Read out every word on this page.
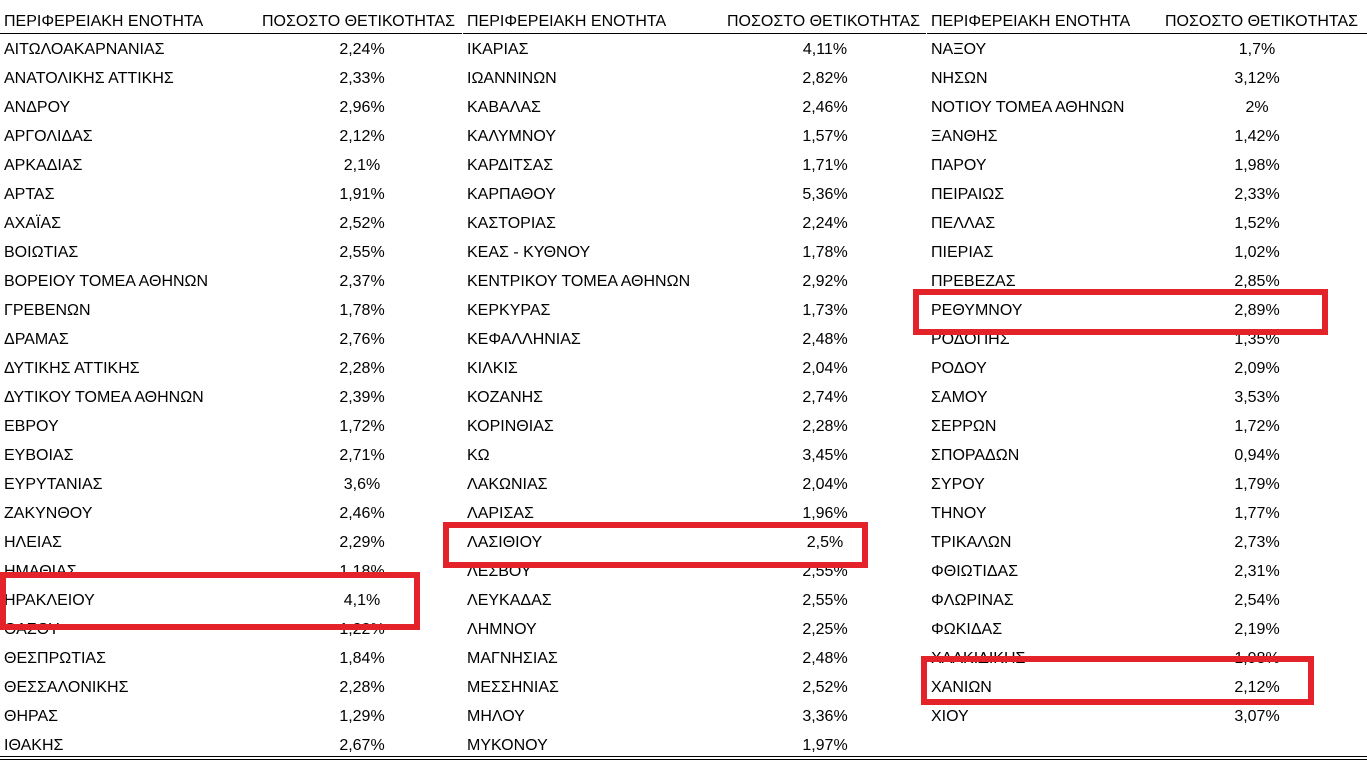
ΠΕΡΙΦΕΡΕΙΑΚΗ ΕΝΟΤΗΤΑ	ΠΟΣΟΣΤΟ ΘΕΤΙΚΟΤΗΤΑΣ
ΑΙΤΩΛΟΑΚΑΡΝΑΝΙΑΣ	2,24%
ΑΝΑΤΟΛΙΚΗΣ ΑΤΤΙΚΗΣ	2,33%
ΑΝΔΡΟΥ	2,96%
ΑΡΓΟΛΙΔΑΣ	2,12%
ΑΡΚΑΔΙΑΣ	2,1%
ΑΡΤΑΣ	1,91%
ΑΧΑΪΑΣ	2,52%
ΒΟΙΩΤΙΑΣ	2,55%
ΒΟΡΕΙΟΥ ΤΟΜΕΑ ΑΘΗΝΩΝ	2,37%
ΓΡΕΒΕΝΩΝ	1,78%
ΔΡΑΜΑΣ	2,76%
ΔΥΤΙΚΗΣ ΑΤΤΙΚΗΣ	2,28%
ΔΥΤΙΚΟΥ ΤΟΜΕΑ ΑΘΗΝΩΝ	2,39%
ΕΒΡΟΥ	1,72%
ΕΥΒΟΙΑΣ	2,71%
ΕΥΡΥΤΑΝΙΑΣ	3,6%
ΖΑΚΥΝΘΟΥ	2,46%
ΗΛΕΙΑΣ	2,29%
ΗΜΑΘΙΑΣ	1,18%
ΗΡΑΚΛΕΙΟΥ	4,1%
ΘΑΣΟΥ	1,22%
ΘΕΣΠΡΩΤΙΑΣ	1,84%
ΘΕΣΣΑΛΟΝΙΚΗΣ	2,28%
ΘΗΡΑΣ	1,29%
ΙΘΑΚΗΣ	2,67%
ΠΕΡΙΦΕΡΕΙΑΚΗ ΕΝΟΤΗΤΑ	ΠΟΣΟΣΤΟ ΘΕΤΙΚΟΤΗΤΑΣ
ΙΚΑΡΙΑΣ	4,11%
ΙΩΑΝΝΙΝΩΝ	2,82%
ΚΑΒΑΛΑΣ	2,46%
ΚΑΛΥΜΝΟΥ	1,57%
ΚΑΡΔΙΤΣΑΣ	1,71%
ΚΑΡΠΑΘΟΥ	5,36%
ΚΑΣΤΟΡΙΑΣ	2,24%
ΚΕΑΣ - ΚΥΘΝΟΥ	1,78%
ΚΕΝΤΡΙΚΟΥ ΤΟΜΕΑ ΑΘΗΝΩΝ	2,92%
ΚΕΡΚΥΡΑΣ	1,73%
ΚΕΦΑΛΛΗΝΙΑΣ	2,48%
ΚΙΛΚΙΣ	2,04%
ΚΟΖΑΝΗΣ	2,74%
ΚΟΡΙΝΘΙΑΣ	2,28%
ΚΩ	3,45%
ΛΑΚΩΝΙΑΣ	2,04%
ΛΑΡΙΣΑΣ	1,96%
ΛΑΣΙΘΙΟΥ	2,5%
ΛΕΣΒΟΥ	2,55%
ΛΕΥΚΑΔΑΣ	2,55%
ΛΗΜΝΟΥ	2,25%
ΜΑΓΝΗΣΙΑΣ	2,48%
ΜΕΣΣΗΝΙΑΣ	2,52%
ΜΗΛΟΥ	3,36%
ΜΥΚΟΝΟΥ	1,97%
ΠΕΡΙΦΕΡΕΙΑΚΗ ΕΝΟΤΗΤΑ ΠΟΣΟΣΤΟ ΘΕΤΙΚΟΤΗΤΑΣ
ΝΑΞΟΥ	1,7%
ΝΗΣΩΝ	3,12%
ΝΟΤΙΟΥ ΤΟΜΕΑ ΑΘΗΝΩΝ	2%
ΞΑΝΘΗΣ	1,42%
ΠΑΡΟΥ	1,98%
ΠΕΙΡΑΙΩΣ	2,33%
ΠΕΛΛΑΣ	1,52%
ΠΙΕΡΙΑΣ	1,02%
ΠΡΕΒΕΖΑΣ	2,85%
ΡΕΘΥΜΝΟΥ	2,89%
ΡΟΔΟΠΗΣ	1,35%
ΡΟΔΟΥ	2,09%
ΣΑΜΟΥ	3,53%
ΣΕΡΡΩΝ	1,72%
ΣΠΟΡΑΔΩΝ	0,94%
ΣΥΡΟΥ	1,79%
ΤΗΝΟΥ	1,77%
ΤΡΙΚΑΛΩΝ	2,73%
ΦΘΙΩΤΙΔΑΣ	2,31%
ΦΛΩΡΙΝΑΣ	2,54%
ΦΩΚΙΔΑΣ	2,19%
ΧΑΛΚΙΔΙΚΗΣ	1,98%
ΧΑΝΙΩΝ	2,12%
ΧΙΟΥ	3,07%
